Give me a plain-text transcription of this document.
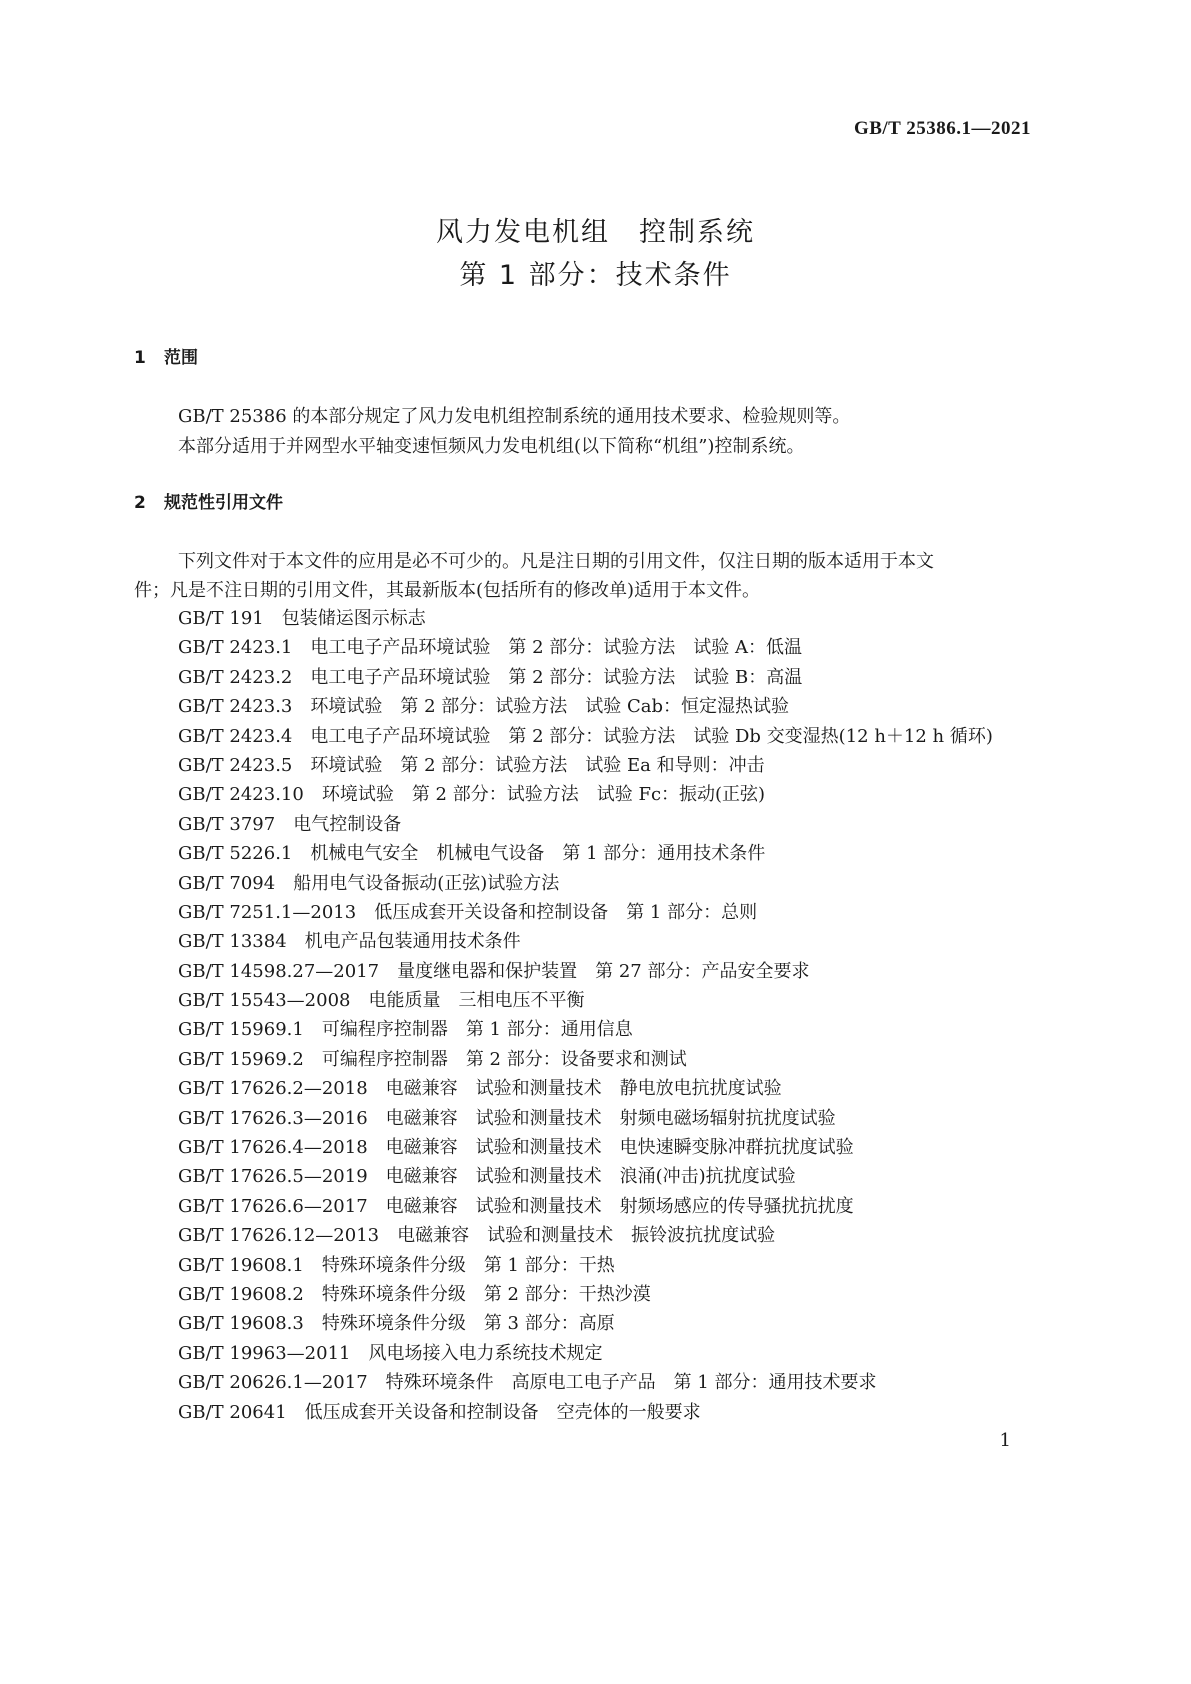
GB/T 25386.1—2021
风力发电机组　控制系统
第 1 部分：技术条件
1 范围
GB/T 25386 的本部分规定了风力发电机组控制系统的通用技术要求、检验规则等。
本部分适用于并网型水平轴变速恒频风力发电机组(以下简称“机组”)控制系统。
2 规范性引用文件
下列文件对于本文件的应用是必不可少的。凡是注日期的引用文件，仅注日期的版本适用于本文
件；凡是不注日期的引用文件，其最新版本(包括所有的修改单)适用于本文件。
GB/T 191　包装储运图示标志
GB/T 2423.1　电工电子产品环境试验　第 2 部分：试验方法　试验 A：低温
GB/T 2423.2　电工电子产品环境试验　第 2 部分：试验方法　试验 B：高温
GB/T 2423.3　环境试验　第 2 部分：试验方法　试验 Cab：恒定湿热试验
GB/T 2423.4　电工电子产品环境试验　第 2 部分：试验方法　试验 Db 交变湿热(12 h＋12 h 循环)
GB/T 2423.5　环境试验　第 2 部分：试验方法　试验 Ea 和导则：冲击
GB/T 2423.10　环境试验　第 2 部分：试验方法　试验 Fc：振动(正弦)
GB/T 3797　电气控制设备
GB/T 5226.1　机械电气安全　机械电气设备　第 1 部分：通用技术条件
GB/T 7094　船用电气设备振动(正弦)试验方法
GB/T 7251.1—2013　低压成套开关设备和控制设备　第 1 部分：总则
GB/T 13384　机电产品包装通用技术条件
GB/T 14598.27—2017　量度继电器和保护装置　第 27 部分：产品安全要求
GB/T 15543—2008　电能质量　三相电压不平衡
GB/T 15969.1　可编程序控制器　第 1 部分：通用信息
GB/T 15969.2　可编程序控制器　第 2 部分：设备要求和测试
GB/T 17626.2—2018　电磁兼容　试验和测量技术　静电放电抗扰度试验
GB/T 17626.3—2016　电磁兼容　试验和测量技术　射频电磁场辐射抗扰度试验
GB/T 17626.4—2018　电磁兼容　试验和测量技术　电快速瞬变脉冲群抗扰度试验
GB/T 17626.5—2019　电磁兼容　试验和测量技术　浪涌(冲击)抗扰度试验
GB/T 17626.6—2017　电磁兼容　试验和测量技术　射频场感应的传导骚扰抗扰度
GB/T 17626.12—2013　电磁兼容　试验和测量技术　振铃波抗扰度试验
GB/T 19608.1　特殊环境条件分级　第 1 部分：干热
GB/T 19608.2　特殊环境条件分级　第 2 部分：干热沙漠
GB/T 19608.3　特殊环境条件分级　第 3 部分：高原
GB/T 19963—2011　风电场接入电力系统技术规定
GB/T 20626.1—2017　特殊环境条件　高原电工电子产品　第 1 部分：通用技术要求
GB/T 20641　低压成套开关设备和控制设备　空壳体的一般要求
1
